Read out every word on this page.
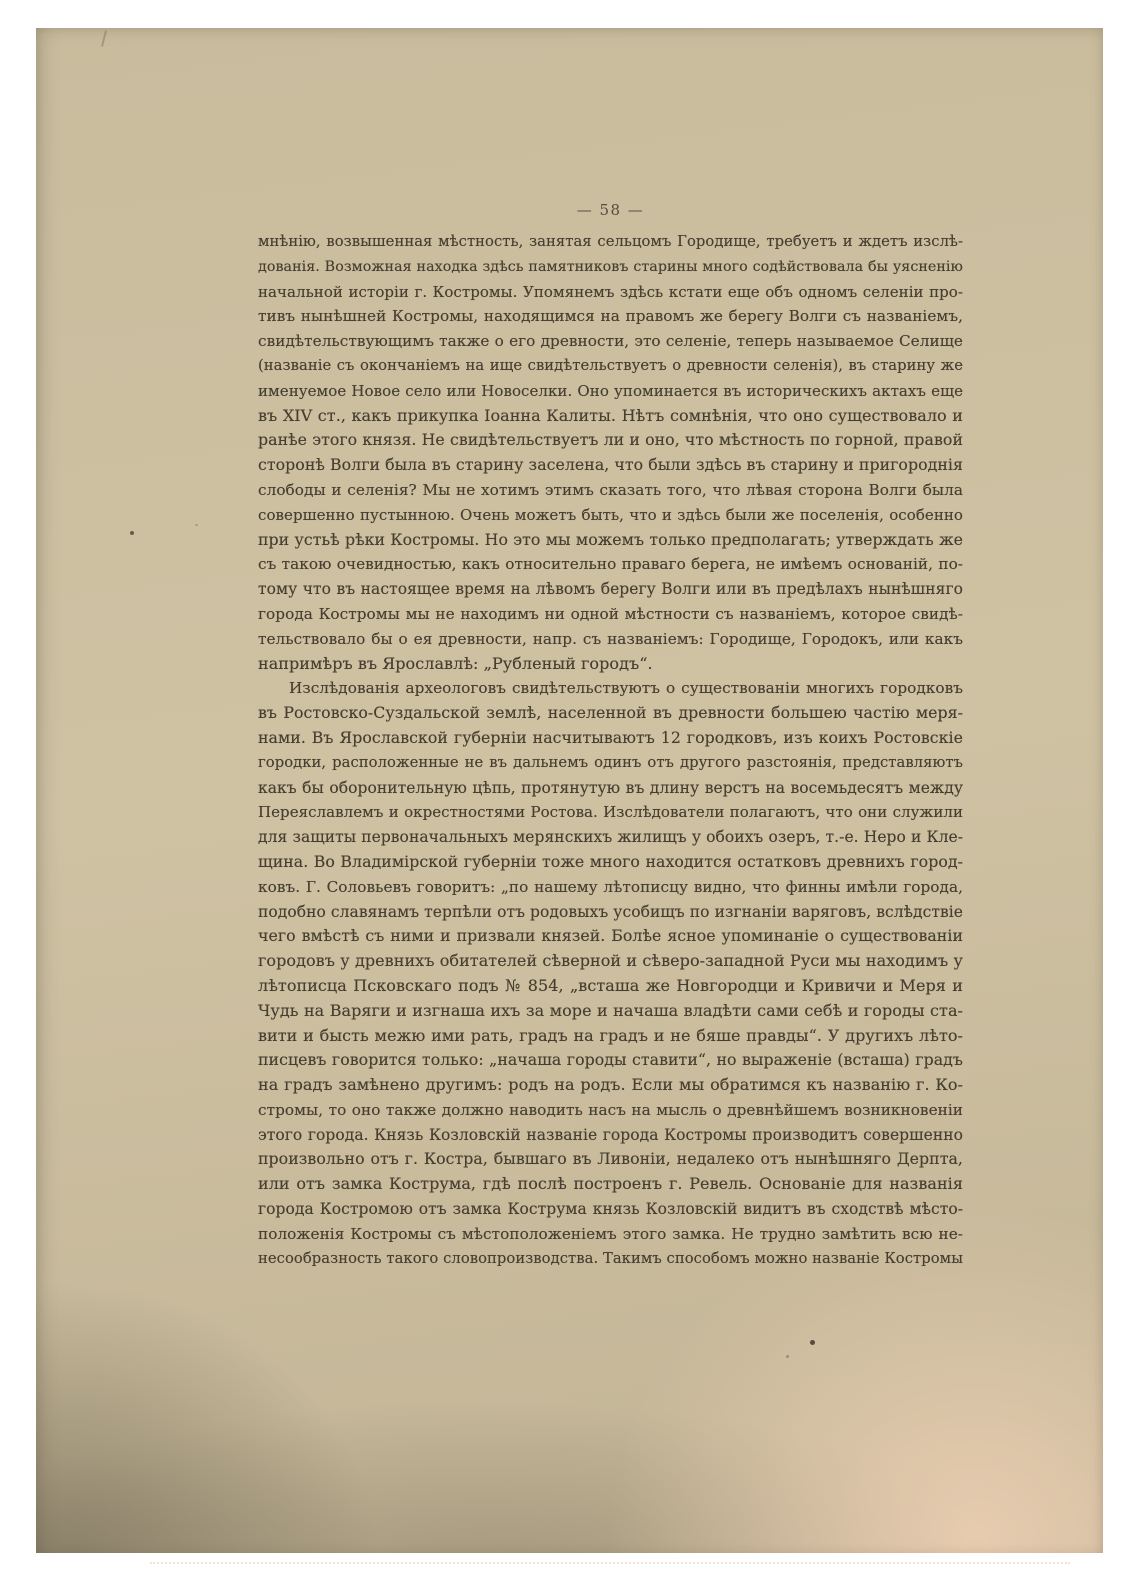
— 58 —
мнѣнію, возвышенная мѣстность, занятая сельцомъ Городище, требуетъ и ждетъ изслѣ-
дованія. Возможная находка здѣсь памятниковъ старины много содѣйствовала бы уясненію
начальной исторіи г. Костромы. Упомянемъ здѣсь кстати еще объ одномъ селеніи про-
тивъ нынѣшней Костромы, находящимся на правомъ же берегу Волги съ названіемъ,
свидѣтельствующимъ также о его древности, это селеніе, теперь называемое Селище
(названіе съ окончаніемъ на ище свидѣтельствуетъ о древности селенія), въ старину же
именуемое Новое село или Новоселки. Оно упоминается въ историческихъ актахъ еще
въ XIV ст., какъ прикупка Іоанна Калиты. Нѣтъ сомнѣнія, что оно существовало и
ранѣе этого князя. Не свидѣтельствуетъ ли и оно, что мѣстность по горной, правой
сторонѣ Волги была въ старину заселена, что были здѣсь въ старину и пригороднія
слободы и селенія? Мы не хотимъ этимъ сказать того, что лѣвая сторона Волги была
совершенно пустынною. Очень можетъ быть, что и здѣсь были же поселенія, особенно
при устьѣ рѣки Костромы. Но это мы можемъ только предполагать; утверждать же
съ такою очевидностью, какъ относительно праваго берега, не имѣемъ основаній, по-
тому что въ настоящее время на лѣвомъ берегу Волги или въ предѣлахъ нынѣшняго
города Костромы мы не находимъ ни одной мѣстности съ названіемъ, которое свидѣ-
тельствовало бы о ея древности, напр. съ названіемъ: Городище, Городокъ, или какъ
напримѣръ въ Ярославлѣ: „Рубленый городъ“.
Изслѣдованія археологовъ свидѣтельствуютъ о существованіи многихъ городковъ
въ Ростовско-Суздальской землѣ, населенной въ древности большею частію меря-
нами. Въ Ярославской губерніи насчитываютъ 12 городковъ, изъ коихъ Ростовскіе
городки, расположенные не въ дальнемъ одинъ отъ другого разстоянія, представляютъ
какъ бы оборонительную цѣпь, протянутую въ длину верстъ на восемьдесятъ между
Переяславлемъ и окрестностями Ростова. Изслѣдователи полагаютъ, что они служили
для защиты первоначальныхъ мерянскихъ жилищъ у обоихъ озеръ, т.-е. Неро и Кле-
щина. Во Владимірской губерніи тоже много находится остатковъ древнихъ город-
ковъ. Г. Соловьевъ говоритъ: „по нашему лѣтописцу видно, что финны имѣли города,
подобно славянамъ терпѣли отъ родовыхъ усобищъ по изгнаніи варяговъ, вслѣдствіе
чего вмѣстѣ съ ними и призвали князей. Болѣе ясное упоминаніе о существованіи
городовъ у древнихъ обитателей сѣверной и сѣверо-западной Руси мы находимъ у
лѣтописца Псковскаго подъ № 854, „всташа же Новгородци и Кривичи и Меря и
Чудь на Варяги и изгнаша ихъ за море и начаша владѣти сами себѣ и городы ста-
вити и бысть межю ими рать, градъ на градъ и не бяше правды“. У другихъ лѣто-
писцевъ говорится только: „начаша городы ставити“, но выраженіе (всташа) градъ
на градъ замѣнено другимъ: родъ на родъ. Если мы обратимся къ названію г. Ко-
стромы, то оно также должно наводить насъ на мысль о древнѣйшемъ возникновеніи
этого города. Князь Козловскій названіе города Костромы производитъ совершенно
произвольно отъ г. Костра, бывшаго въ Ливоніи, недалеко отъ нынѣшняго Дерпта,
или отъ замка Кострума, гдѣ послѣ построенъ г. Ревель. Основаніе для названія
города Костромою отъ замка Кострума князь Козловскій видитъ въ сходствѣ мѣсто-
положенія Костромы съ мѣстоположеніемъ этого замка. Не трудно замѣтить всю не-
несообразность такого словопроизводства. Такимъ способомъ можно названіе Костромы
